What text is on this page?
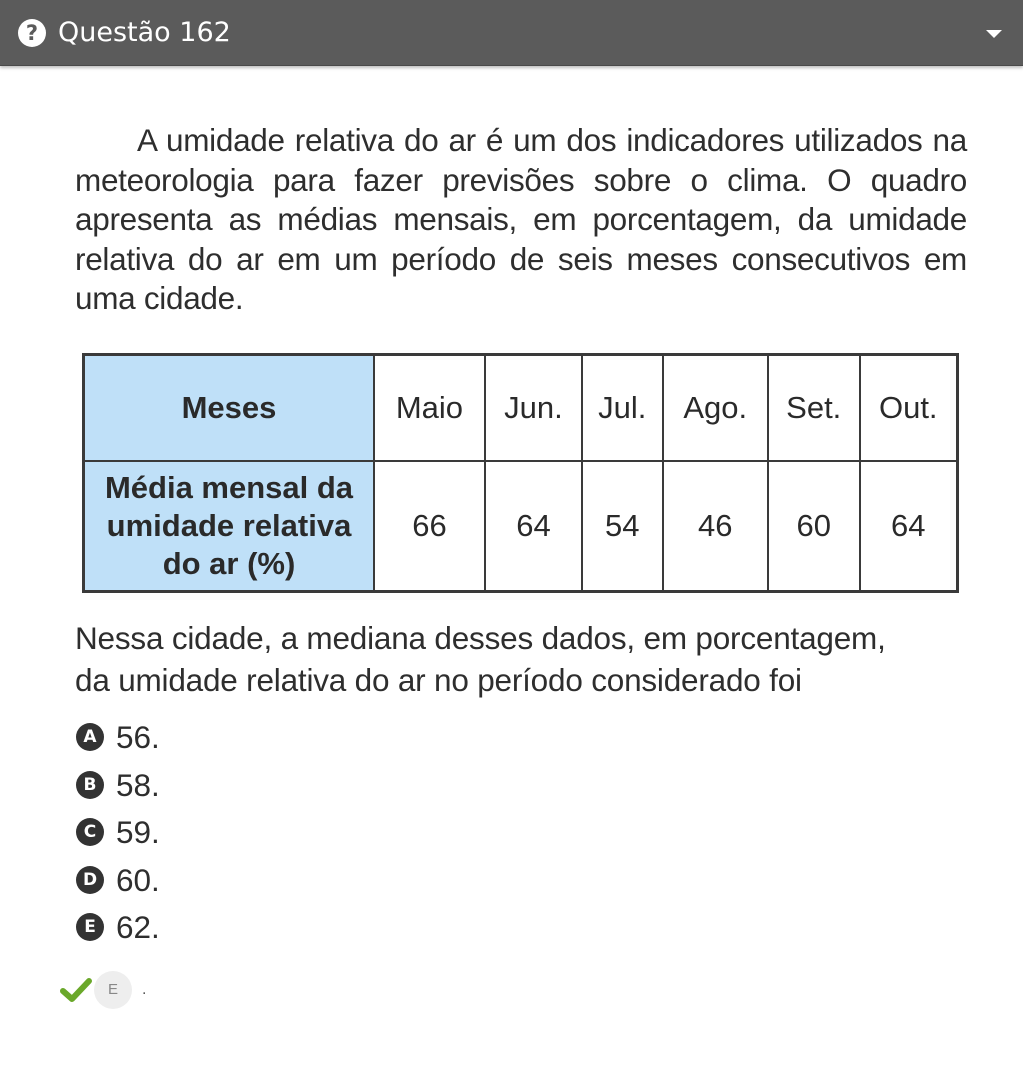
? Questão 162
A umidade relativa do ar é um dos indicadores utilizados na meteorologia para fazer previsões sobre o clima. O quadro apresenta as médias mensais, em porcentagem, da umidade relativa do ar em um período de seis meses consecutivos em uma cidade.
Meses	Maio	Jun.	Jul.	Ago.	Set.	Out.

Média mensal da
umidade relativa
do ar (%)	66	64	54	46	60	64
Nessa cidade, a mediana desses dados, em porcentagem,
da umidade relativa do ar no período considerado foi
A 56.
B 58.
C 59.
D 60.
E 62.
E	.
